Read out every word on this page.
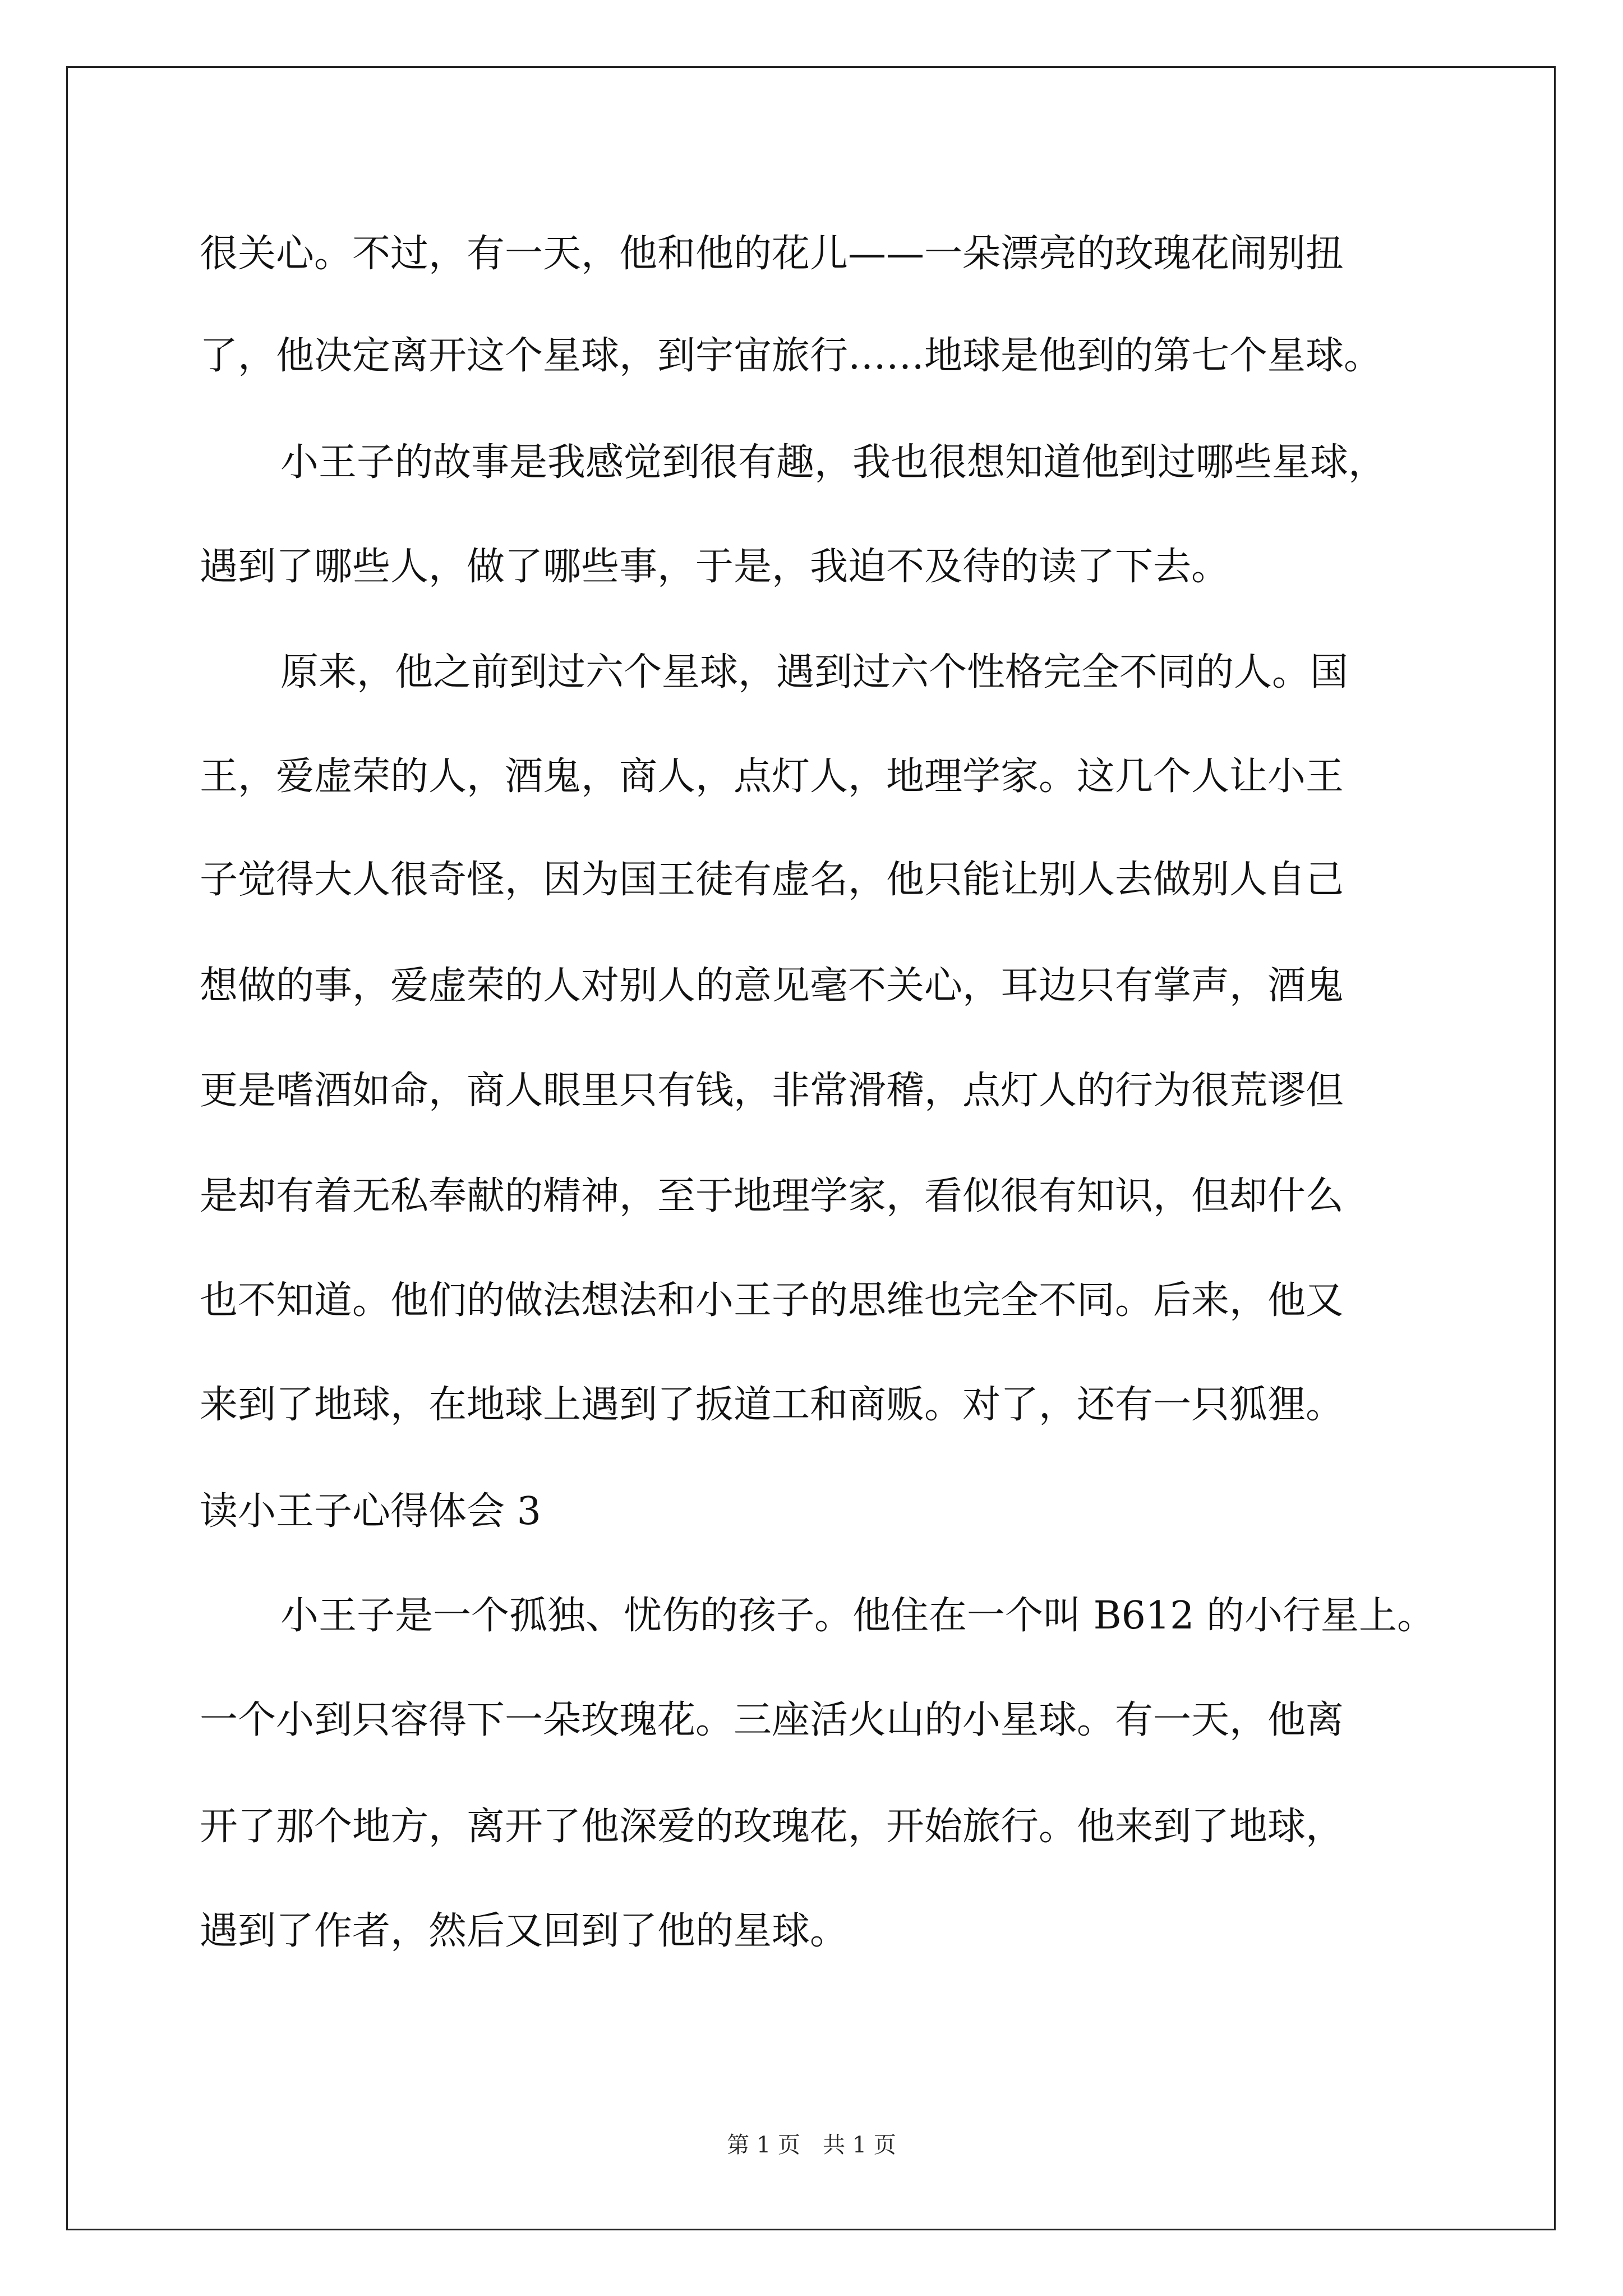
很关心。不过，有一天，他和他的花儿——一朵漂亮的玫瑰花闹别扭

了，他决定离开这个星球，到宇宙旅行……地球是他到的第七个星球。

小王子的故事是我感觉到很有趣，我也很想知道他到过哪些星球，

遇到了哪些人，做了哪些事，于是，我迫不及待的读了下去。

原来，他之前到过六个星球，遇到过六个性格完全不同的人。国

王，爱虚荣的人，酒鬼，商人，点灯人，地理学家。这几个人让小王

子觉得大人很奇怪，因为国王徒有虚名，他只能让别人去做别人自己

想做的事，爱虚荣的人对别人的意见毫不关心，耳边只有掌声，酒鬼

更是嗜酒如命，商人眼里只有钱，非常滑稽，点灯人的行为很荒谬但

是却有着无私奉献的精神，至于地理学家，看似很有知识，但却什么

也不知道。他们的做法想法和小王子的思维也完全不同。后来，他又

来到了地球，在地球上遇到了扳道工和商贩。对了，还有一只狐狸。

读小王子心得体会 3

小王子是一个孤独、忧伤的孩子。他住在一个叫 B612 的小行星上。

一个小到只容得下一朵玫瑰花。三座活火山的小星球。有一天，他离

开了那个地方，离开了他深爱的玫瑰花，开始旅行。他来到了地球，

遇到了作者，然后又回到了他的星球。

第 1 页　共 1 页
